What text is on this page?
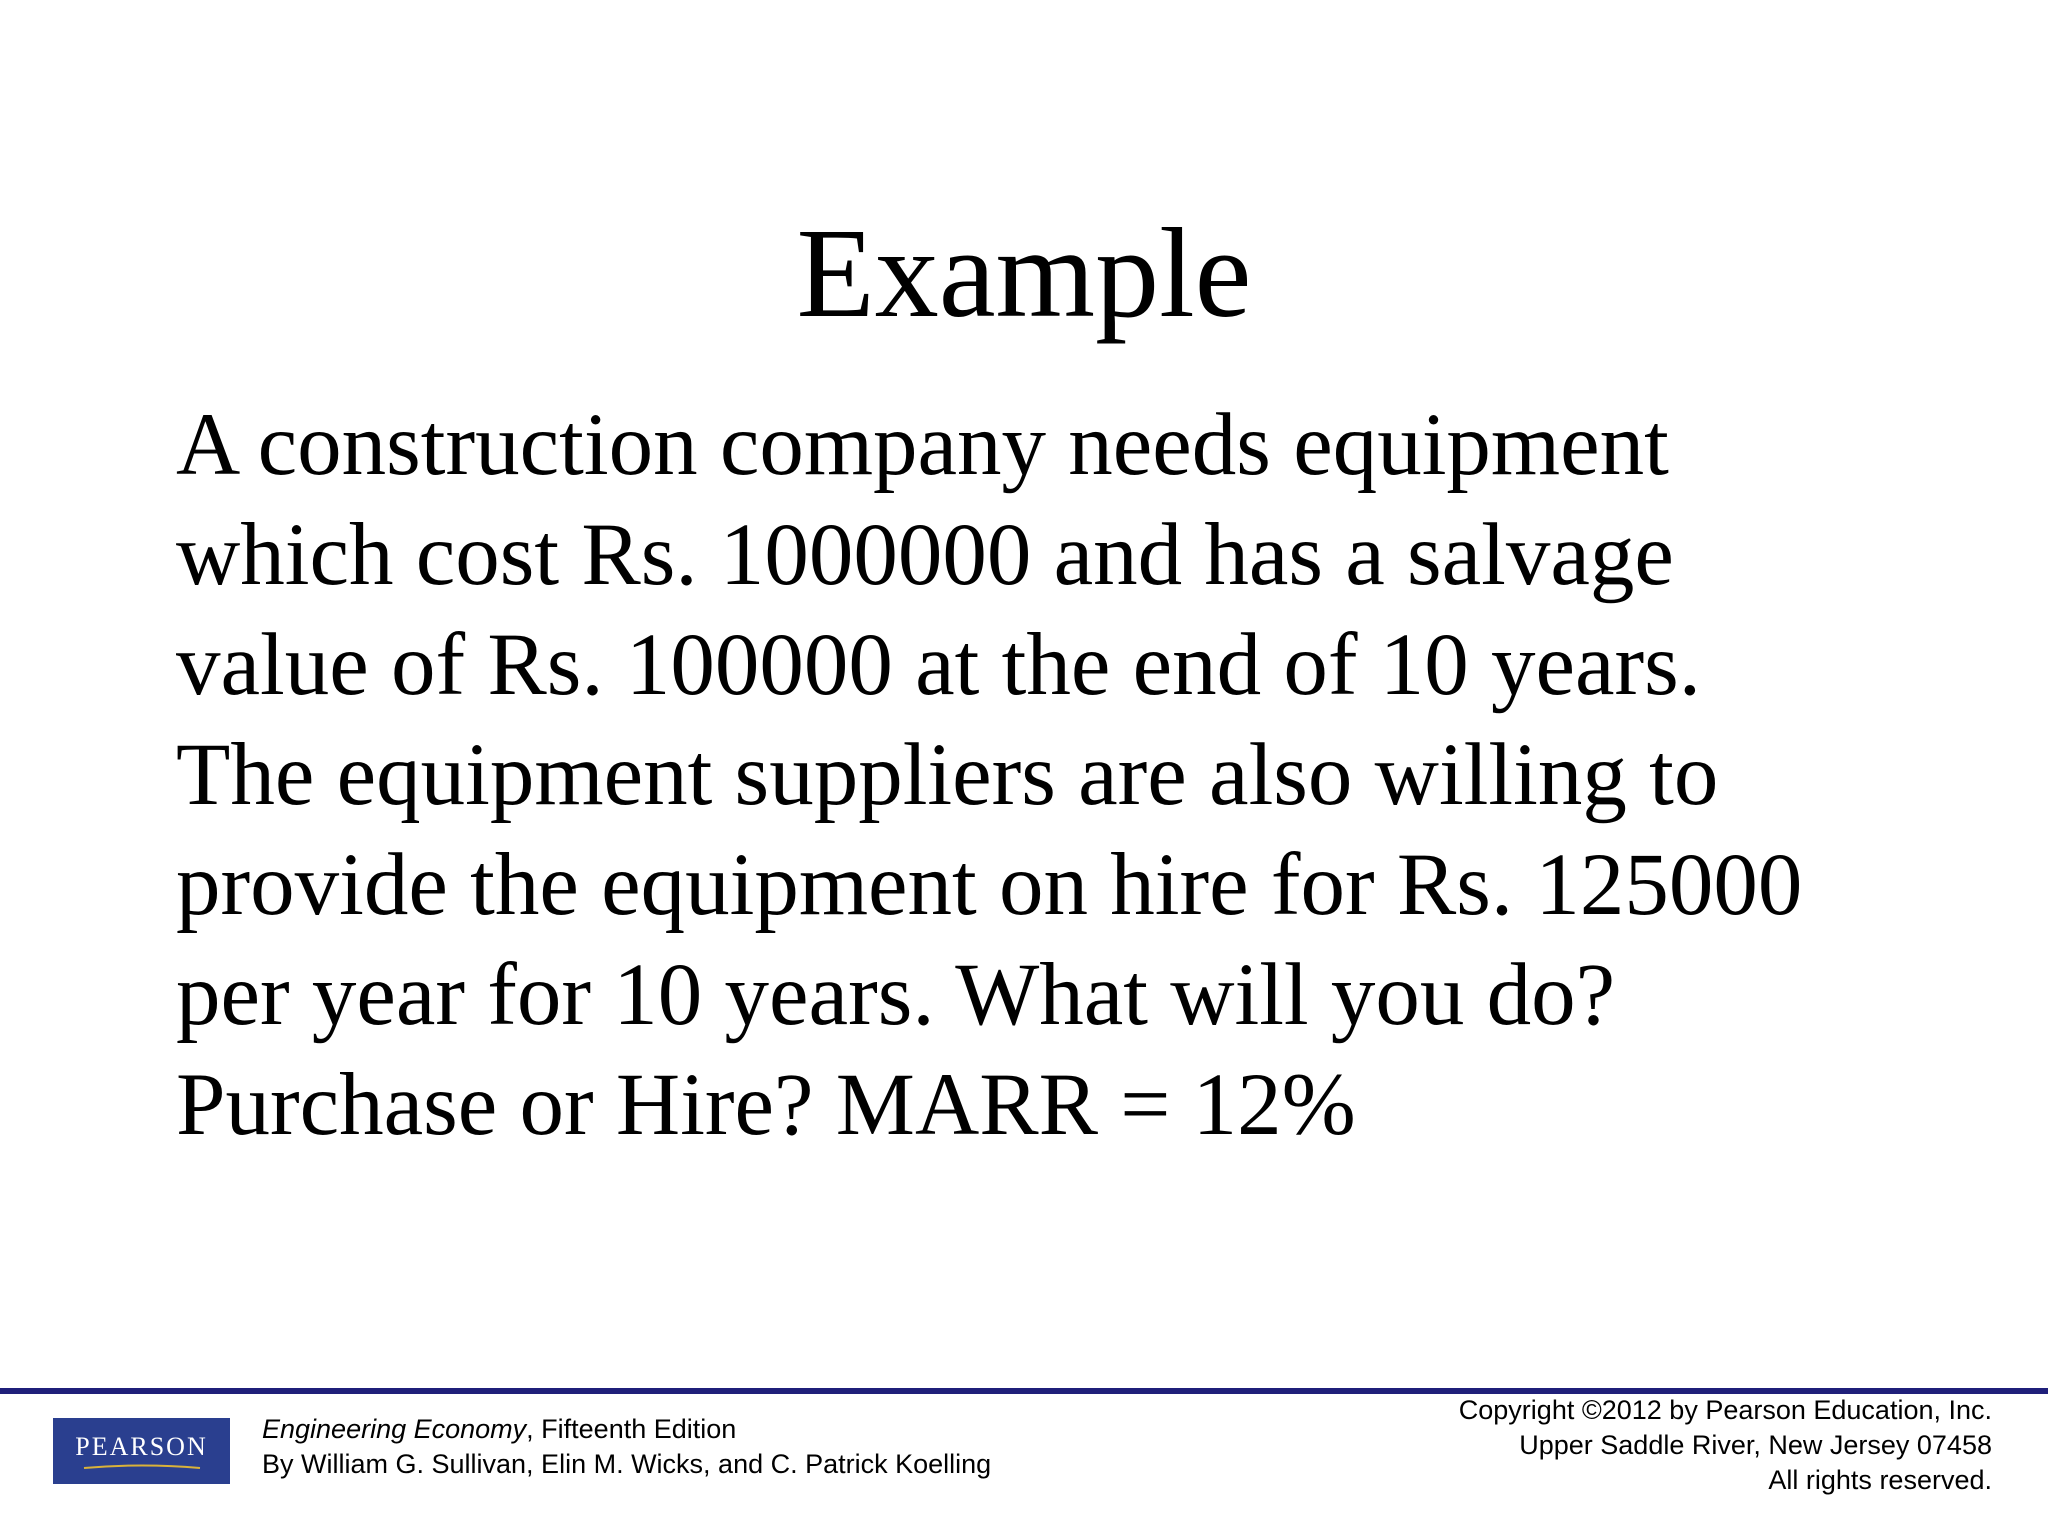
Example
A construction company needs equipment
which cost Rs. 1000000 and has a salvage
value of Rs. 100000 at the end of 10 years.
The equipment suppliers are also willing to
provide the equipment on hire for Rs. 125000
per year for 10 years. What will you do?
Purchase or Hire? MARR = 12%
PEARSON
Engineering Economy, Fifteenth Edition
By William G. Sullivan, Elin M. Wicks, and C. Patrick Koelling
Copyright ©2012 by Pearson Education, Inc.
Upper Saddle River, New Jersey 07458
All rights reserved.
